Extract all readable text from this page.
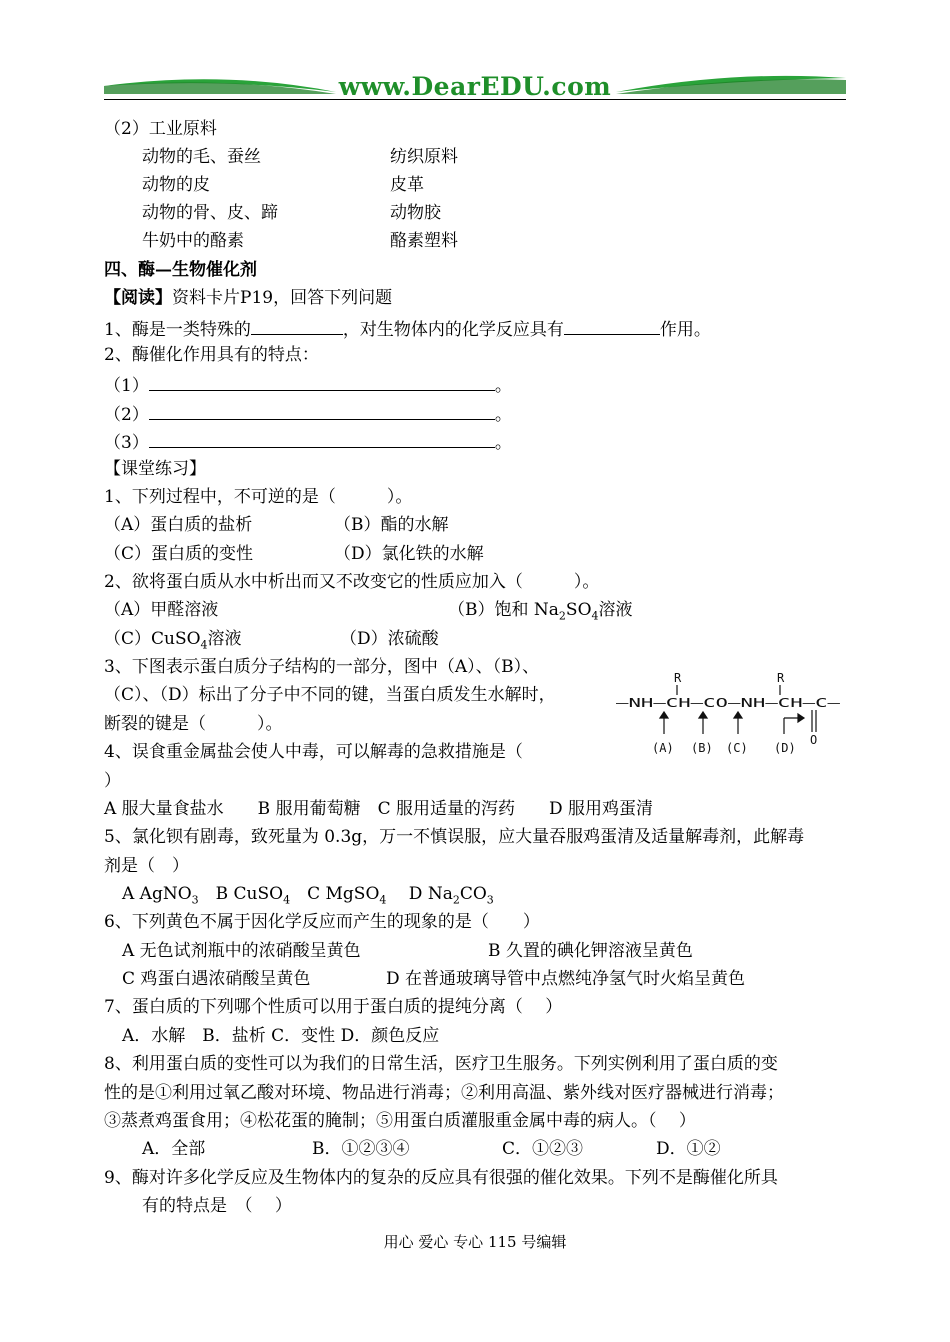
www.DearEDU.com
（2）工业原料
动物的毛、蚕丝	纺织原料
动物的皮	皮革
动物的骨、皮、蹄	动物胶
牛奶中的酪素	酪素塑料
四、酶—生物催化剂
【阅读】资料卡片P19，回答下列问题
1、酶是一类特殊的	，对生物体内的化学反应具有	作用。
2、酶催化作用具有的特点：
（1）	。
（2）	。
（3）	。
【课堂练习】
1、下列过程中，不可逆的是（　　　）。
（A）蛋白质的盐析	（B）酯的水解
（C）蛋白质的变性	（D）氯化铁的水解
2、欲将蛋白质从水中析出而又不改变它的性质应加入（　　　）。
（A）甲醛溶液	（B）饱和 $Na_2SO_4$溶液
（C）CuSO$_4$溶液	（D）浓硫酸
3、下图表示蛋白质分子结构的一部分，图中（A）、（B）、
（C）、（D）标出了分子中不同的键，当蛋白质发生水解时，
断裂的键是（　　　）。
R	R
—NH—CH—CO—NH—CH—C—
O
(A) (B) (C) (D)
4、误食重金属盐会使人中毒，可以解毒的急救措施是（
）
A 服大量食盐水　　B 服用葡萄糖　C 服用适量的泻药　　D 服用鸡蛋清
5、氯化钡有剧毒，致死量为 0.3g，万一不慎误服，应大量吞服鸡蛋清及适量解毒剂，此解毒
剂是（　）
A AgNO$_3$　B CuSO$_4$　C MgSO$_4$　 D $Na_2CO_3$
6、下列黄色不属于因化学反应而产生的现象的是（　　）
A 无色试剂瓶中的浓硝酸呈黄色	B 久置的碘化钾溶液呈黄色
C 鸡蛋白遇浓硝酸呈黄色	D 在普通玻璃导管中点燃纯净氢气时火焰呈黄色
7、蛋白质的下列哪个性质可以用于蛋白质的提纯分离（　 ）
A．水解　B．盐析 C．变性 D．颜色反应
8、利用蛋白质的变性可以为我们的日常生活，医疗卫生服务。下列实例利用了蛋白质的变
性的是①利用过氧乙酸对环境、物品进行消毒；②利用高温、紫外线对医疗器械进行消毒；
③蒸煮鸡蛋食用；④松花蛋的腌制；⑤用蛋白质灌服重金属中毒的病人。（　 ）
A．全部	B．①②③④	C．①②③	D．①②
9、酶对许多化学反应及生物体内的复杂的反应具有很强的催化效果。下列不是酶催化所具
有的特点是　（　 ）
用心 爱心 专心 115 号编辑
